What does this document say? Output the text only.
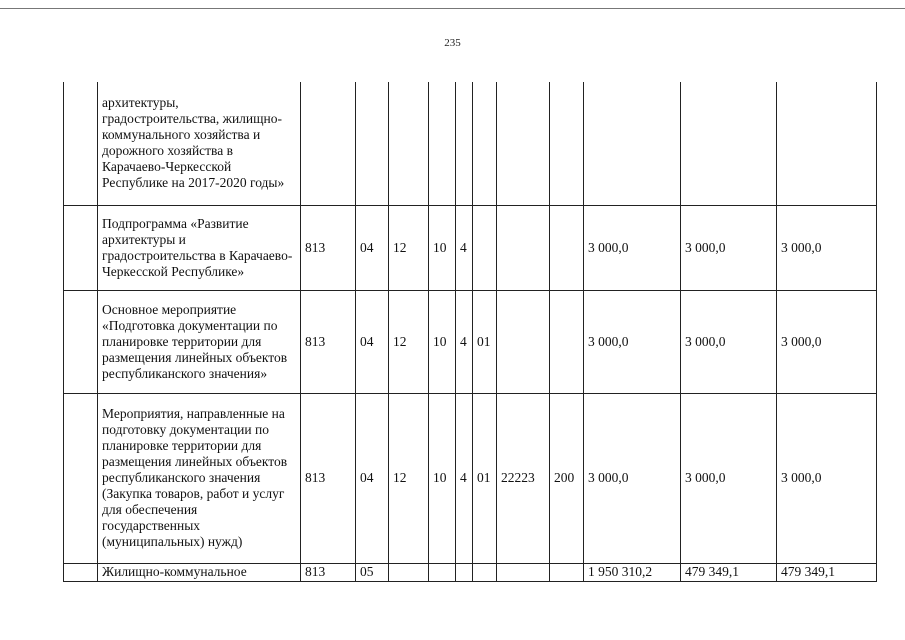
235
	архитектуры, градостроительства, жилищно-коммунального хозяйства и дорожного хозяйства в Карачаево-Черкесской Республике на 2017-2020 годы»											
	Подпрограмма «Развитие архитектуры и градостроительства в Карачаево-Черкесской Республике»	813	04	12	10	4				3 000,0	3 000,0	3 000,0
	Основное мероприятие «Подготовка документации по планировке территории для размещения линейных объектов республиканского значения»	813	04	12	10	4	01			3 000,0	3 000,0	3 000,0
	Мероприятия, направленные на подготовку документации по планировке территории для размещения линейных объектов республиканского значения (Закупка товаров, работ и услуг для обеспечения государственных (муниципальных) нужд)	813	04	12	10	4	01	22223	200	3 000,0	3 000,0	3 000,0
	Жилищно-коммунальное	813	05							1 950 310,2	479 349,1	479 349,1
